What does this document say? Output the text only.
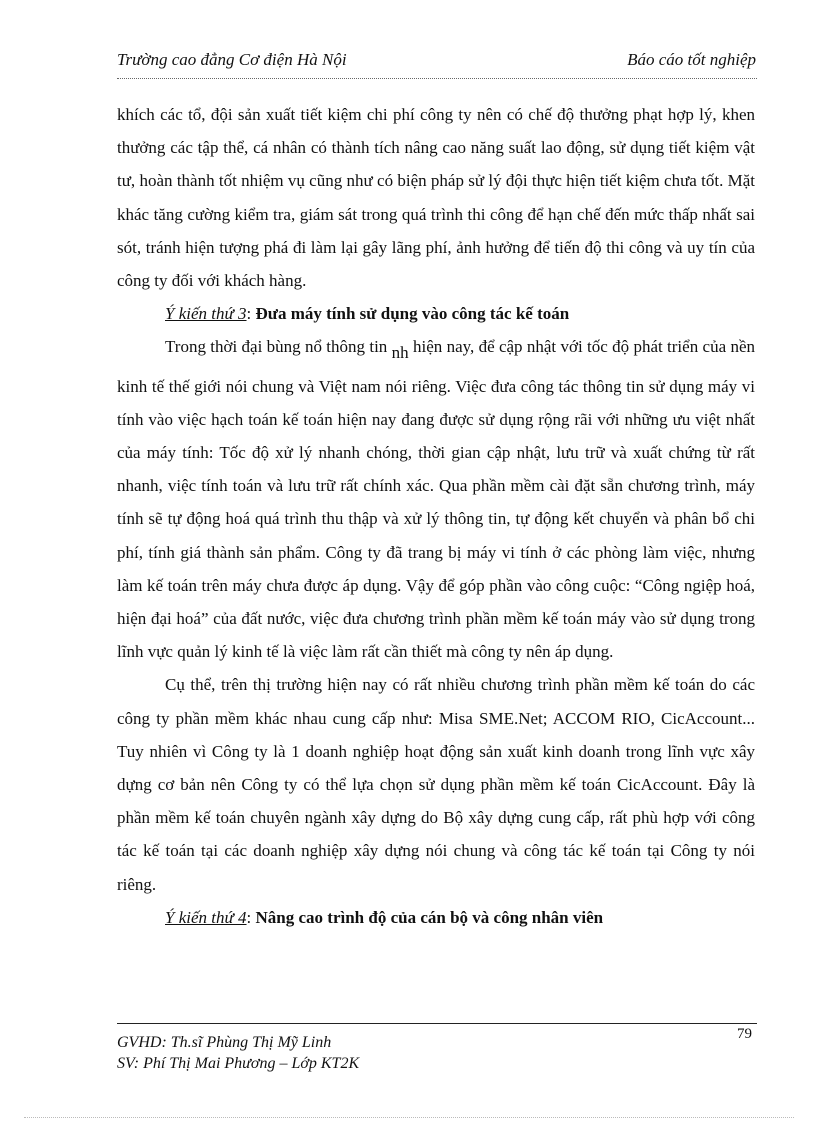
Trường cao đẳng Cơ điện Hà Nội	Báo cáo tốt nghiệp

khích các tổ, đội sản xuất tiết kiệm chi phí công ty nên có chế độ thưởng phạt hợp lý, khen thưởng các tập thể, cá nhân có thành tích nâng cao năng suất lao động, sử dụng tiết kiệm vật tư, hoàn thành tốt nhiệm vụ cũng như có biện pháp sử lý đội thực hiện tiết kiệm chưa tốt. Mặt khác tăng cường kiểm tra, giám sát trong quá trình thi công để hạn chế đến mức thấp nhất sai sót, tránh hiện tượng phá đi làm lại gây lãng phí, ảnh hưởng để tiến độ thi công và uy tín của công ty đối với khách hàng.

Ý kiến thứ 3: Đưa máy tính sử dụng vào công tác kế toán

Trong thời đại bùng nổ thông tin nh hiện nay, để cập nhật với tốc độ phát triển của nền kinh tế thế giới nói chung và Việt nam nói riêng. Việc đưa công tác thông tin sử dụng máy vi tính vào việc hạch toán kế toán hiện nay đang được sử dụng rộng rãi với những ưu việt nhất của máy tính: Tốc độ xử lý nhanh chóng, thời gian cập nhật, lưu trữ và xuất chứng từ rất nhanh, việc tính toán và lưu trữ rất chính xác. Qua phần mềm cài đặt sẵn chương trình, máy tính sẽ tự động hoá quá trình thu thập và xử lý thông tin, tự động kết chuyển và phân bổ chi phí, tính giá thành sản phẩm. Công ty đã trang bị máy vi tính ở các phòng làm việc, nhưng làm kế toán trên máy chưa được áp dụng. Vậy để góp phần vào công cuộc: “Công ngiệp hoá, hiện đại hoá” của đất nước, việc đưa chương trình phần mềm kế toán máy vào sử dụng trong lĩnh vực quản lý kinh tế là việc làm rất cần thiết mà công ty nên áp dụng.

Cụ thể, trên thị trường hiện nay có rất nhiều chương trình phần mềm kế toán do các công ty phần mềm khác nhau cung cấp như: Misa SME.Net; ACCOM RIO, CicAccount... Tuy nhiên vì Công ty là 1 doanh nghiệp hoạt động sản xuất kinh doanh trong lĩnh vực xây dựng cơ bản nên Công ty có thể lựa chọn sử dụng phần mềm kế toán CicAccount. Đây là phần mềm kế toán chuyên ngành xây dựng do Bộ xây dựng cung cấp, rất phù hợp với công tác kế toán tại các doanh nghiệp xây dựng nói chung và công tác kế toán tại Công ty nói riêng.

Ý kiến thứ 4: Nâng cao trình độ của cán bộ và công nhân viên

79
GVHD: Th.sĩ Phùng Thị Mỹ Linh
SV: Phí Thị Mai Phương – Lớp KT2K
